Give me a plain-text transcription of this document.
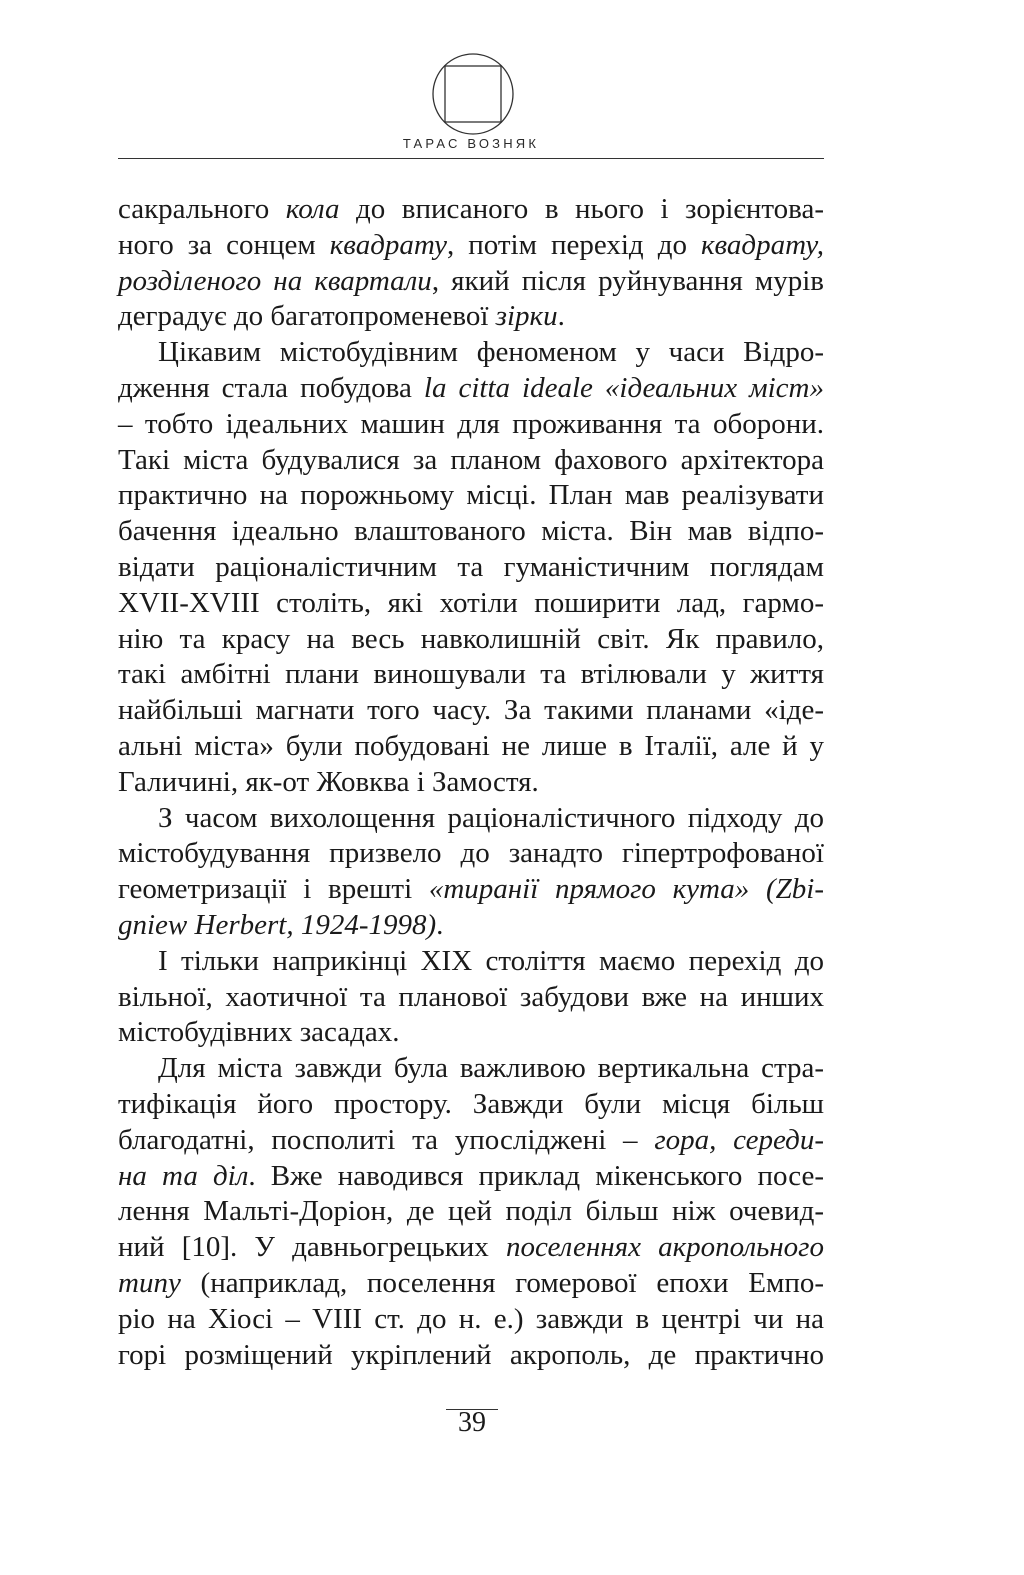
ТАРАС ВОЗНЯК
сакрального кола до вписаного в нього і зорієнтова-
ного за сонцем квадрату, потім перехід до квадрату,
розділеного на квартали, який після руйнування мурів
деградує до багатопроменевої зірки.
Цікавим містобудівним феноменом у часи Відро-
дження стала побудова la citta ideale «ідеальних міст»
– тобто ідеальних машин для проживання та оборони.
Такі міста будувалися за планом фахового архітектора
практично на порожньому місці. План мав реалізувати
бачення ідеально влаштованого міста. Він мав відпо-
відати раціоналістичним та гуманістичним поглядам
XVII-XVIII століть, які хотіли поширити лад, гармо-
нію та красу на весь навколишній світ. Як правило,
такі амбітні плани виношували та втілювали у життя
найбільші магнати того часу. За такими планами «іде-
альні міста» були побудовані не лише в Італії, але й у
Галичині, як-от Жовква і Замостя.
З часом вихолощення раціоналістичного підходу до
містобудування призвело до занадто гіпертрофованої
геометризації і врешті «тиранії прямого кута» (Zbi-
gniew Herbert, 1924-1998).
І тільки наприкінці XIX століття маємо перехід до
вільної, хаотичної та планової забудови вже на инших
містобудівних засадах.
Для міста завжди була важливою вертикальна стра-
тифікація його простору. Завжди були місця більш
благодатні, посполиті та упосліджені – гора, середи-
на та діл. Вже наводився приклад мікенського посе-
лення Мальті-Доріон, де цей поділ більш ніж очевид-
ний [10]. У давньогрецьких поселеннях акропольного
типу (наприклад, поселення гомерової епохи Емпо-
ріо на Хіосі – VIII ст. до н. е.) завжди в центрі чи на
горі розміщений укріплений акрополь, де практично
39
